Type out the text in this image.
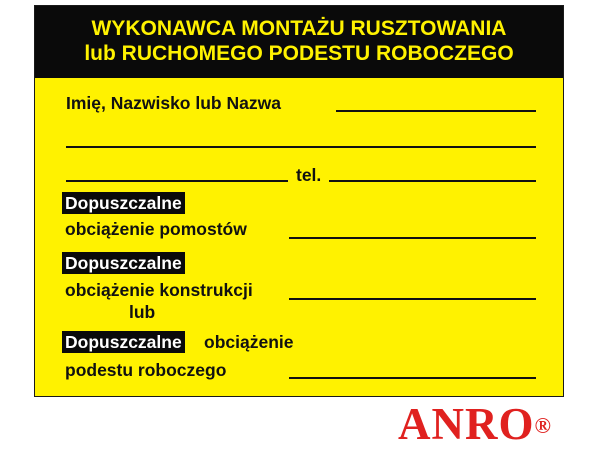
WYKONAWCA MONTAŻU RUSZTOWANIA
lub RUCHOMEGO PODESTU ROBOCZEGO
Imię, Nazwisko lub Nazwa
tel.
Dopuszczalne
obciążenie pomostów
Dopuszczalne
obciążenie konstrukcji
lub
Dopuszczalne obciążenie
podestu roboczego
ANRO®
